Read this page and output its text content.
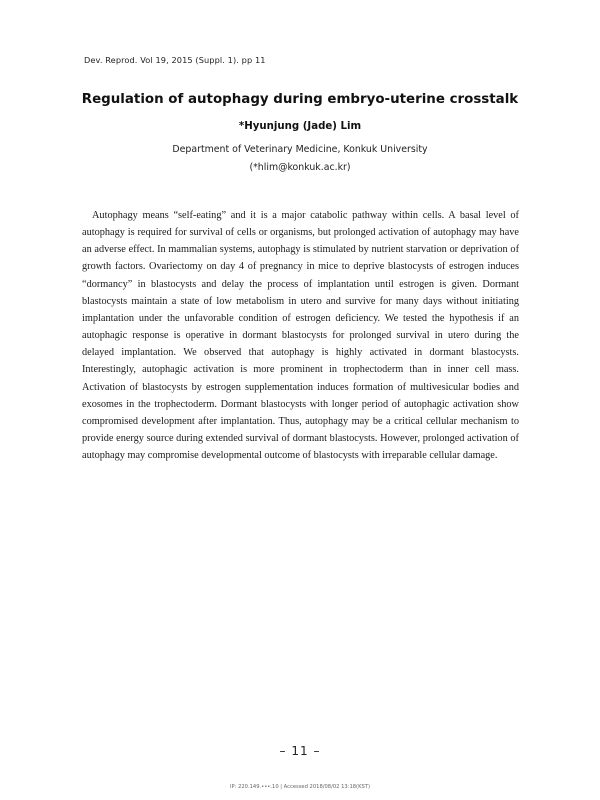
Dev. Reprod. Vol 19, 2015 (Suppl. 1). pp 11
Regulation of autophagy during embryo-uterine crosstalk
*Hyunjung (Jade) Lim
Department of Veterinary Medicine, Konkuk University
(*hlim@konkuk.ac.kr)

Autophagy means “self-eating” and it is a major catabolic pathway within cells. A basal level of autophagy is required for survival of cells or organisms, but prolonged activation of autophagy may have an adverse effect. In mammalian systems, autophagy is stimulated by nutrient starvation or deprivation of growth factors. Ovariectomy on day 4 of pregnancy in mice to deprive blastocysts of estrogen induces “dormancy” in blastocysts and delay the process of implantation until estrogen is given. Dormant blastocysts maintain a state of low metabolism in utero and survive for many days without initiating implantation under the unfavorable condition of estrogen deficiency. We tested the hypothesis if an autophagic response is operative in dormant blastocysts for prolonged survival in utero during the delayed implantation. We observed that autophagy is highly activated in dormant blastocysts. Interestingly, autophagic activation is more prominent in trophectoderm than in inner cell mass. Activation of blastocysts by estrogen supplementation induces formation of multivesicular bodies and exosomes in the trophectoderm. Dormant blastocysts with longer period of autophagic activation show compromised development after implantation. Thus, autophagy may be a critical cellular mechanism to provide energy source during extended survival of dormant blastocysts. However, prolonged activation of autophagy may compromise developmental outcome of blastocysts with irreparable cellular damage.

– 11 –
IP: 220.149.•••.10 | Accessed 2018/08/02 13:18(KST)
